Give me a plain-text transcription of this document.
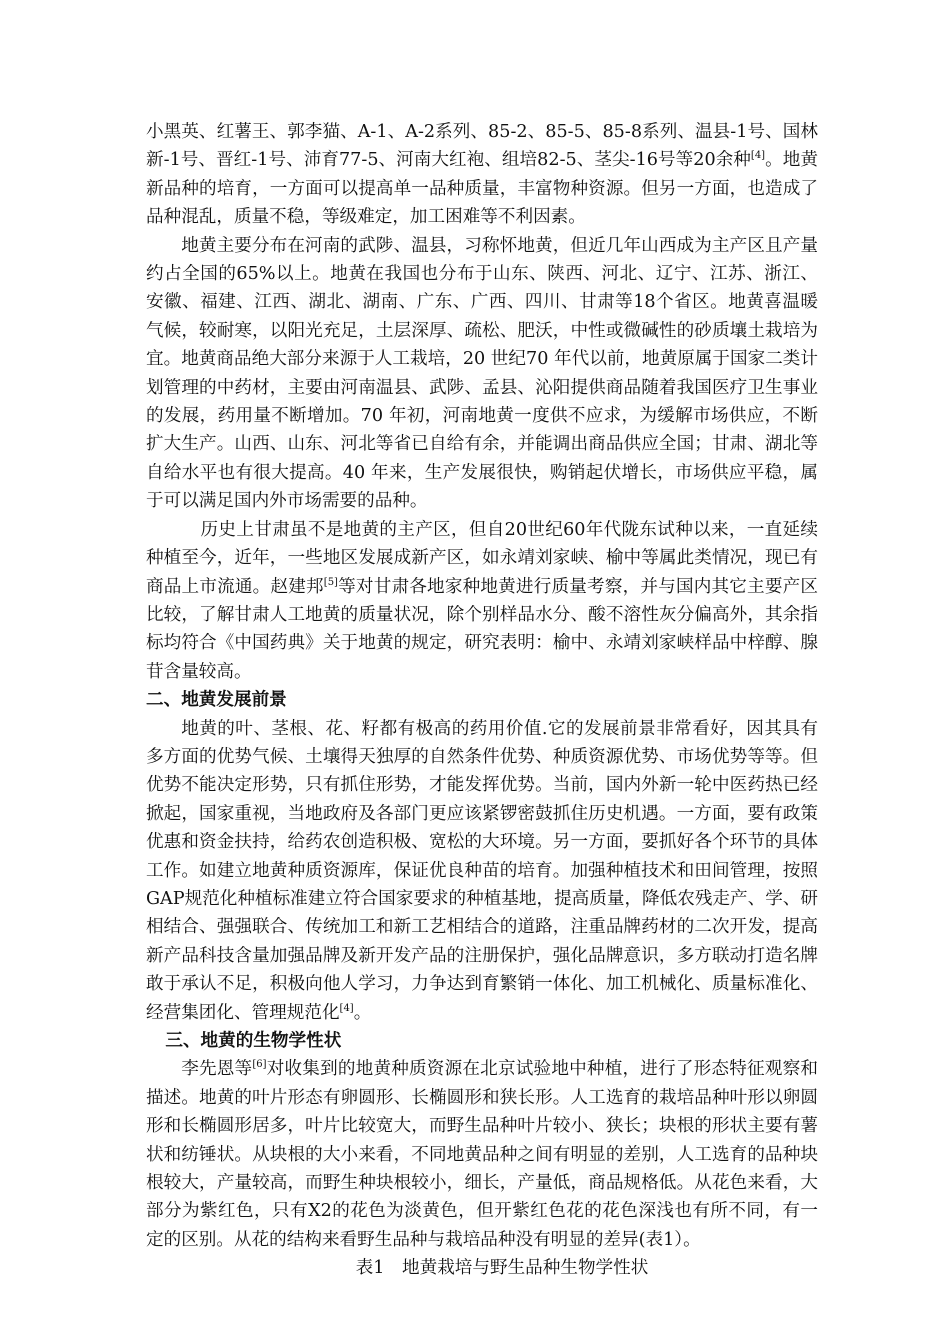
小黑英、红薯王、郭李猫、A-1、A-2系列、85-2、85-5、85-8系列、温县-1号、国林新-1号、晋红-1号、沛育77-5、河南大红袍、组培82-5、茎尖-16号等20余种[4]。地黄新品种的培育，一方面可以提高单一品种质量，丰富物种资源。但另一方面，也造成了品种混乱，质量不稳，等级难定，加工困难等不利因素。

地黄主要分布在河南的武陟、温县，习称怀地黄，但近几年山西成为主产区且产量约占全国的65%以上。地黄在我国也分布于山东、陕西、河北、辽宁、江苏、浙江、安徽、福建、江西、湖北、湖南、广东、广西、四川、甘肃等18个省区。地黄喜温暖气候，较耐寒，以阳光充足，土层深厚、疏松、肥沃，中性或微碱性的砂质壤土栽培为宜。地黄商品绝大部分来源于人工栽培，20 世纪70 年代以前，地黄原属于国家二类计划管理的中药材，主要由河南温县、武陟、孟县、沁阳提供商品随着我国医疗卫生事业的发展，药用量不断增加。70 年初，河南地黄一度供不应求，为缓解市场供应，不断扩大生产。山西、山东、河北等省已自给有余，并能调出商品供应全国；甘肃、湖北等自给水平也有很大提高。40 年来，生产发展很快，购销起伏增长，市场供应平稳，属于可以满足国内外市场需要的品种。

历史上甘肃虽不是地黄的主产区，但自20世纪60年代陇东试种以来，一直延续种植至今，近年，一些地区发展成新产区，如永靖刘家峡、榆中等属此类情况，现已有商品上市流通。赵建邦[5]等对甘肃各地家种地黄进行质量考察，并与国内其它主要产区比较，了解甘肃人工地黄的质量状况，除个别样品水分、酸不溶性灰分偏高外，其余指标均符合《中国药典》关于地黄的规定，研究表明：榆中、永靖刘家峡样品中梓醇、腺苷含量较高。

二、地黄发展前景

地黄的叶、茎根、花、籽都有极高的药用价值.它的发展前景非常看好，因其具有多方面的优势气候、土壤得天独厚的自然条件优势、种质资源优势、市场优势等等。但优势不能决定形势，只有抓住形势，才能发挥优势。当前，国内外新一轮中医药热已经掀起，国家重视，当地政府及各部门更应该紧锣密鼓抓住历史机遇。一方面，要有政策优惠和资金扶持，给药农创造积极、宽松的大环境。另一方面，要抓好各个环节的具体工作。如建立地黄种质资源库，保证优良种苗的培育。加强种植技术和田间管理，按照GAP规范化种植标准建立符合国家要求的种植基地，提高质量，降低农残走产、学、研相结合、强强联合、传统加工和新工艺相结合的道路，注重品牌药材的二次开发，提高新产品科技含量加强品牌及新开发产品的注册保护，强化品牌意识，多方联动打造名牌敢于承认不足，积极向他人学习，力争达到育繁销一体化、加工机械化、质量标准化、经营集团化、管理规范化[4]。

三、地黄的生物学性状

李先恩等[6]对收集到的地黄种质资源在北京试验地中种植，进行了形态特征观察和描述。地黄的叶片形态有卵圆形、长椭圆形和狭长形。人工选育的栽培品种叶形以卵圆形和长椭圆形居多，叶片比较宽大，而野生品种叶片较小、狭长；块根的形状主要有薯状和纺锤状。从块根的大小来看，不同地黄品种之间有明显的差别，人工选育的品种块根较大，产量较高，而野生种块根较小，细长，产量低，商品规格低。从花色来看，大部分为紫红色，只有X2的花色为淡黄色，但开紫红色花的花色深浅也有所不同，有一定的区别。从花的结构来看野生品种与栽培品种没有明显的差异(表1）。

表1　地黄栽培与野生品种生物学性状
